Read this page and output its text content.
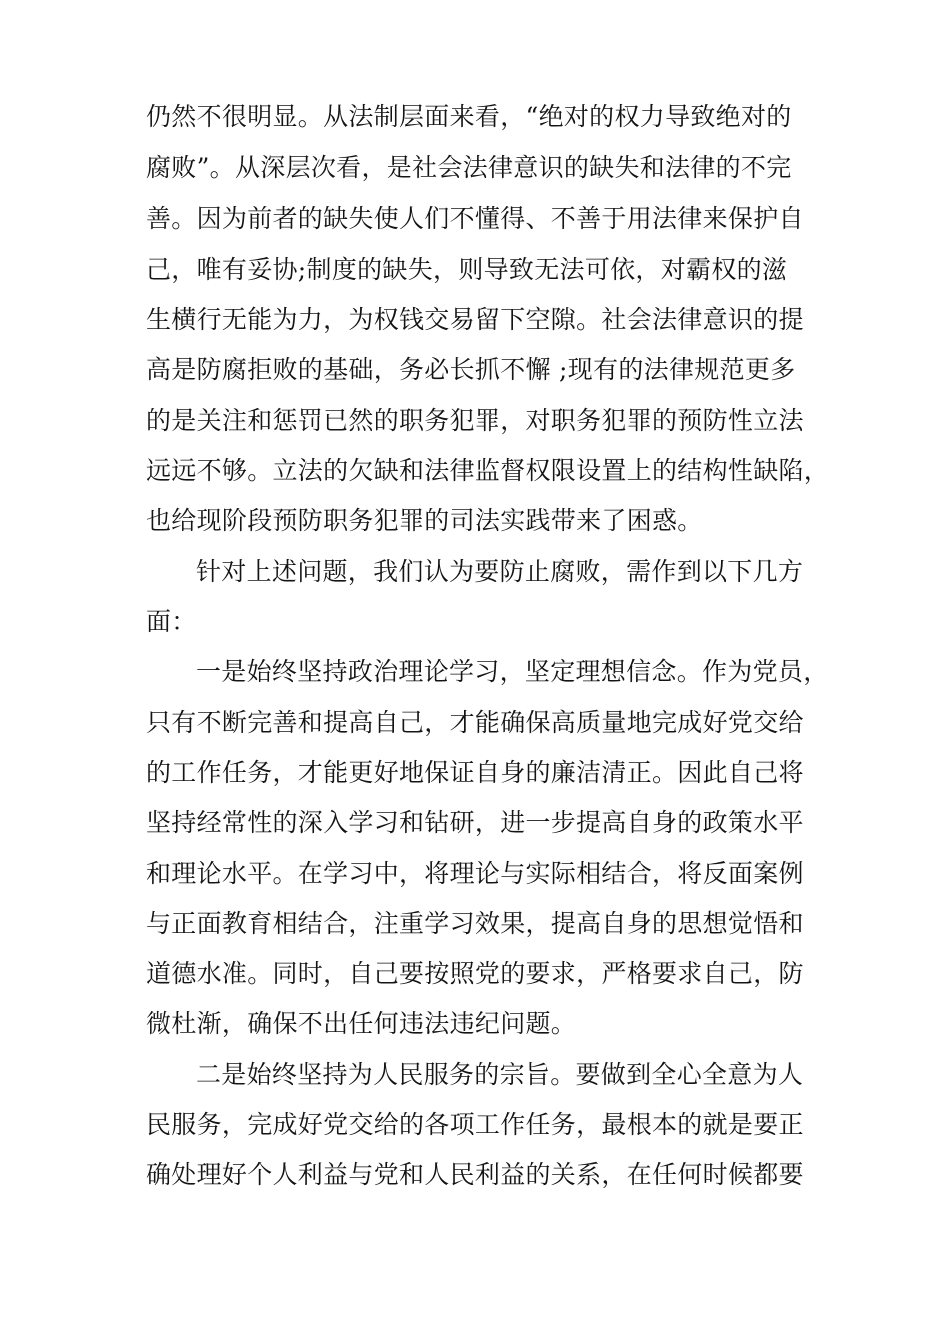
仍然不很明显。从法制层面来看，“绝对的权力导致绝对的
腐败”。从深层次看，是社会法律意识的缺失和法律的不完
善。因为前者的缺失使人们不懂得、不善于用法律来保护自
己，唯有妥协;制度的缺失，则导致无法可依，对霸权的滋
生横行无能为力，为权钱交易留下空隙。社会法律意识的提
高是防腐拒败的基础，务必长抓不懈 ;现有的法律规范更多
的是关注和惩罚已然的职务犯罪，对职务犯罪的预防性立法
远远不够。立法的欠缺和法律监督权限设置上的结构性缺陷，
也给现阶段预防职务犯罪的司法实践带来了困惑。
针对上述问题，我们认为要防止腐败，需作到以下几方
面：
一是始终坚持政治理论学习，坚定理想信念。作为党员，
只有不断完善和提高自己，才能确保高质量地完成好党交给
的工作任务，才能更好地保证自身的廉洁清正。因此自己将
坚持经常性的深入学习和钻研，进一步提高自身的政策水平
和理论水平。在学习中，将理论与实际相结合，将反面案例
与正面教育相结合，注重学习效果，提高自身的思想觉悟和
道德水准。同时，自己要按照党的要求，严格要求自己，防
微杜渐，确保不出任何违法违纪问题。
二是始终坚持为人民服务的宗旨。要做到全心全意为人
民服务，完成好党交给的各项工作任务，最根本的就是要正
确处理好个人利益与党和人民利益的关系，在任何时候都要
